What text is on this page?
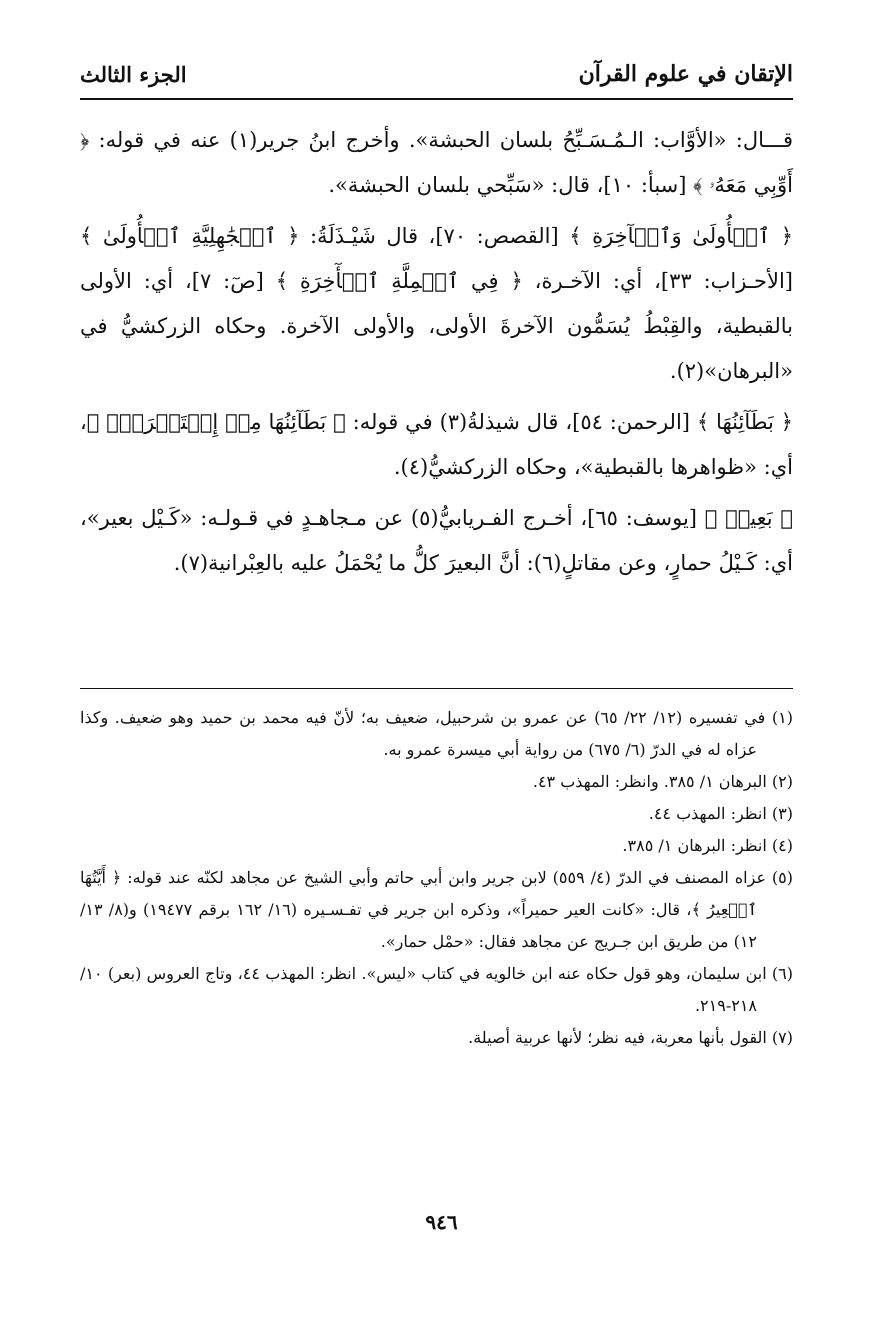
الإتقان في علوم القرآن
الجزء الثالث

قـــال: «الأوَّاب: الـمُـسَـبِّحُ بلسان الحبشة». وأخرج ابنُ جرير(١) عنه في قوله: ﴿ أَوِّبِي مَعَهُۥ ﴾ [سبأ: ١٠]، قال: «سَبِّحي بلسان الحبشة».

﴿ ٱلۡأُولَىٰ وَٱلۡآخِرَةِ ﴾ [القصص: ٧٠]، قال شَيْـذَلَةُ: ﴿ ٱلۡجَٰهِلِيَّةِ ٱلۡأُولَىٰ ﴾ [الأحـزاب: ٣٣]، أي: الآخـرة، ﴿ فِي ٱلۡمِلَّةِ ٱلۡأٓخِرَةِ ﴾ [صٓ: ٧]، أي: الأولى بالقبطية، والقِبْطُ يُسَمُّون الآخرةَ الأولى، والأولى الآخرة. وحكاه الزركشيُّ في «البرهان»(٢).

﴿ بَطَآئِنُهَا ﴾ [الرحمن: ٥٤]، قال شيذلةُ(٣) في قوله: ﴿ بَطَآئِنُهَا مِنۡ إِسۡتَبۡرَقٖۚ ﴾، أي: «ظواهرها بالقبطية»، وحكاه الزركشيُّ(٤).

﴿ بَعِيرٖ ﴾ [يوسف: ٦٥]، أخـرج الفـريابيُّ(٥) عن مـجاهـدٍ في قـولـه: «كَـيْل بعير»، أي: كَـيْلُ حمارٍ، وعن مقاتلٍ(٦): أنَّ البعيرَ كلُّ ما يُحْمَلُ عليه بالعِبْرانية(٧).

(١) في تفسيره (١٢/ ٢٢/ ٦٥) عن عمرو بن شرحبيل، ضعيف به؛ لأنّ فيه محمد بن حميد وهو ضعيف. وكذا عزاه له في الدرّ (٦/ ٦٧٥) من رواية أبي ميسرة عمرو به.

(٢) البرهان ١/ ٣٨٥. وانظر: المهذب ٤٣.

(٣) انظر: المهذب ٤٤.

(٤) انظر: البرهان ١/ ٣٨٥.

(٥) عزاه المصنف في الدرّ (٤/ ٥٥٩) لابن جرير وابن أبي حاتم وأبي الشيخ عن مجاهد لكنّه عند قوله: ﴿ أَيَّتُهَا ٱلۡعِيرُ ﴾، قال: «كانت العير حميراً»، وذكره ابن جرير في تفـسـيره (١٦/ ١٦٢ برقم ١٩٤٧٧) و(٨/ ١٣/ ١٢) من طريق ابن جـريج عن مجاهد فقال: «حمْل حمار».

(٦) ابن سليمان، وهو قول حكاه عنه ابن خالويه في كتاب «ليس». انظر: المهذب ٤٤، وتاج العروس (بعر) ١٠/ ٢١٨-٢١٩.

(٧) القول بأنها معربة، فيه نظر؛ لأنها عربية أصيلة.

٩٤٦
